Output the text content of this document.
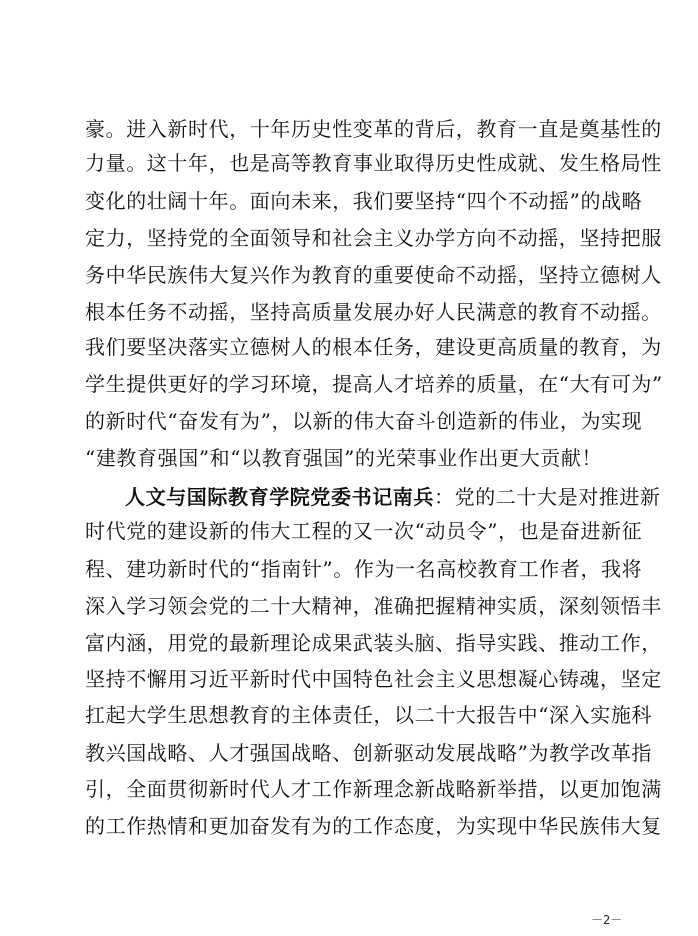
豪。进入新时代，十年历史性变革的背后，教育一直是奠基性的
力量。这十年，也是高等教育事业取得历史性成就、发生格局性
变化的壮阔十年。面向未来，我们要坚持“四个不动摇”的战略
定力，坚持党的全面领导和社会主义办学方向不动摇，坚持把服
务中华民族伟大复兴作为教育的重要使命不动摇，坚持立德树人
根本任务不动摇，坚持高质量发展办好人民满意的教育不动摇。
我们要坚决落实立德树人的根本任务，建设更高质量的教育，为
学生提供更好的学习环境，提高人才培养的质量，在“大有可为”
的新时代“奋发有为”，以新的伟大奋斗创造新的伟业，为实现
“建教育强国”和“以教育强国”的光荣事业作出更大贡献！
人文与国际教育学院党委书记南兵：党的二十大是对推进新
时代党的建设新的伟大工程的又一次“动员令”，也是奋进新征
程、建功新时代的“指南针”。作为一名高校教育工作者，我将
深入学习领会党的二十大精神，准确把握精神实质，深刻领悟丰
富内涵，用党的最新理论成果武装头脑、指导实践、推动工作，
坚持不懈用习近平新时代中国特色社会主义思想凝心铸魂，坚定
扛起大学生思想教育的主体责任，以二十大报告中“深入实施科
教兴国战略、人才强国战略、创新驱动发展战略”为教学改革指
引，全面贯彻新时代人才工作新理念新战略新举措，以更加饱满
的工作热情和更加奋发有为的工作态度，为实现中华民族伟大复
－2－
